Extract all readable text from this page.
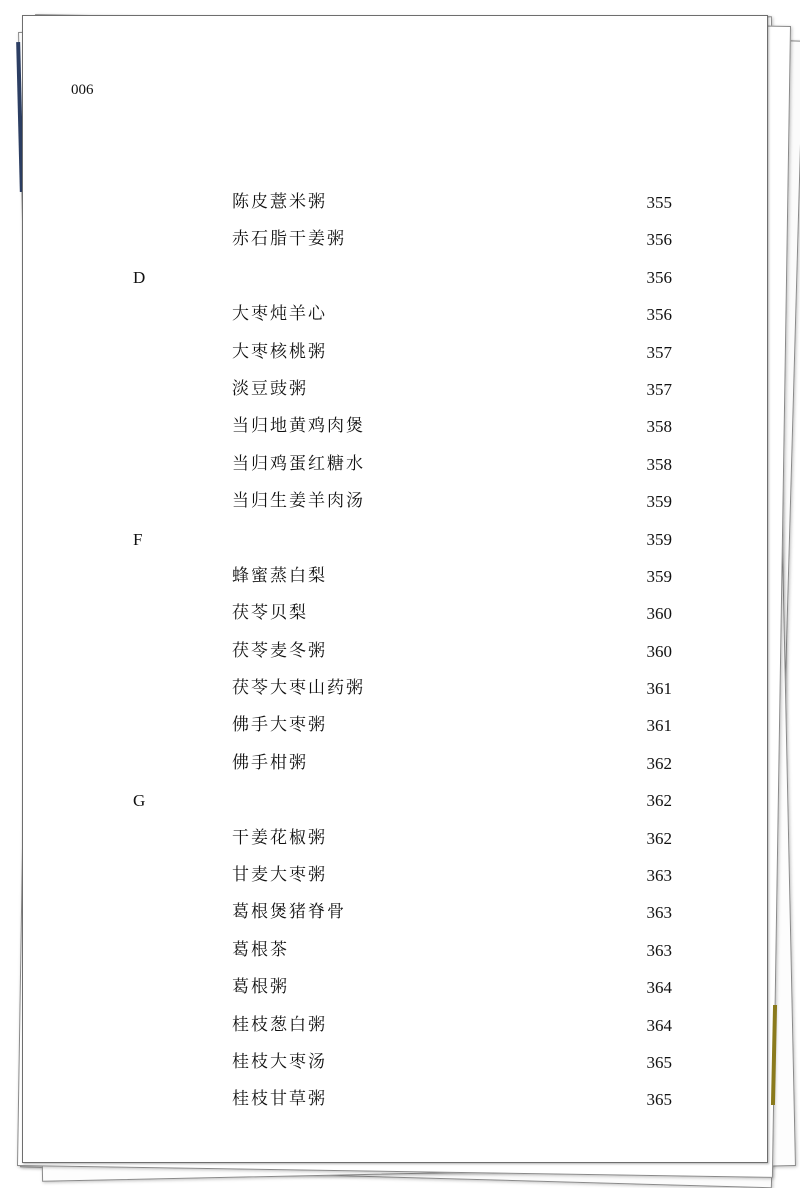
006
陈皮薏米粥	355
赤石脂干姜粥	356
D	356
大枣炖羊心	356
大枣核桃粥	357
淡豆豉粥	357
当归地黄鸡肉煲	358
当归鸡蛋红糖水	358
当归生姜羊肉汤	359
F	359
蜂蜜蒸白梨	359
茯苓贝梨	360
茯苓麦冬粥	360
茯苓大枣山药粥	361
佛手大枣粥	361
佛手柑粥	362
G	362
干姜花椒粥	362
甘麦大枣粥	363
葛根煲猪脊骨	363
葛根茶	363
葛根粥	364
桂枝葱白粥	364
桂枝大枣汤	365
桂枝甘草粥	365
